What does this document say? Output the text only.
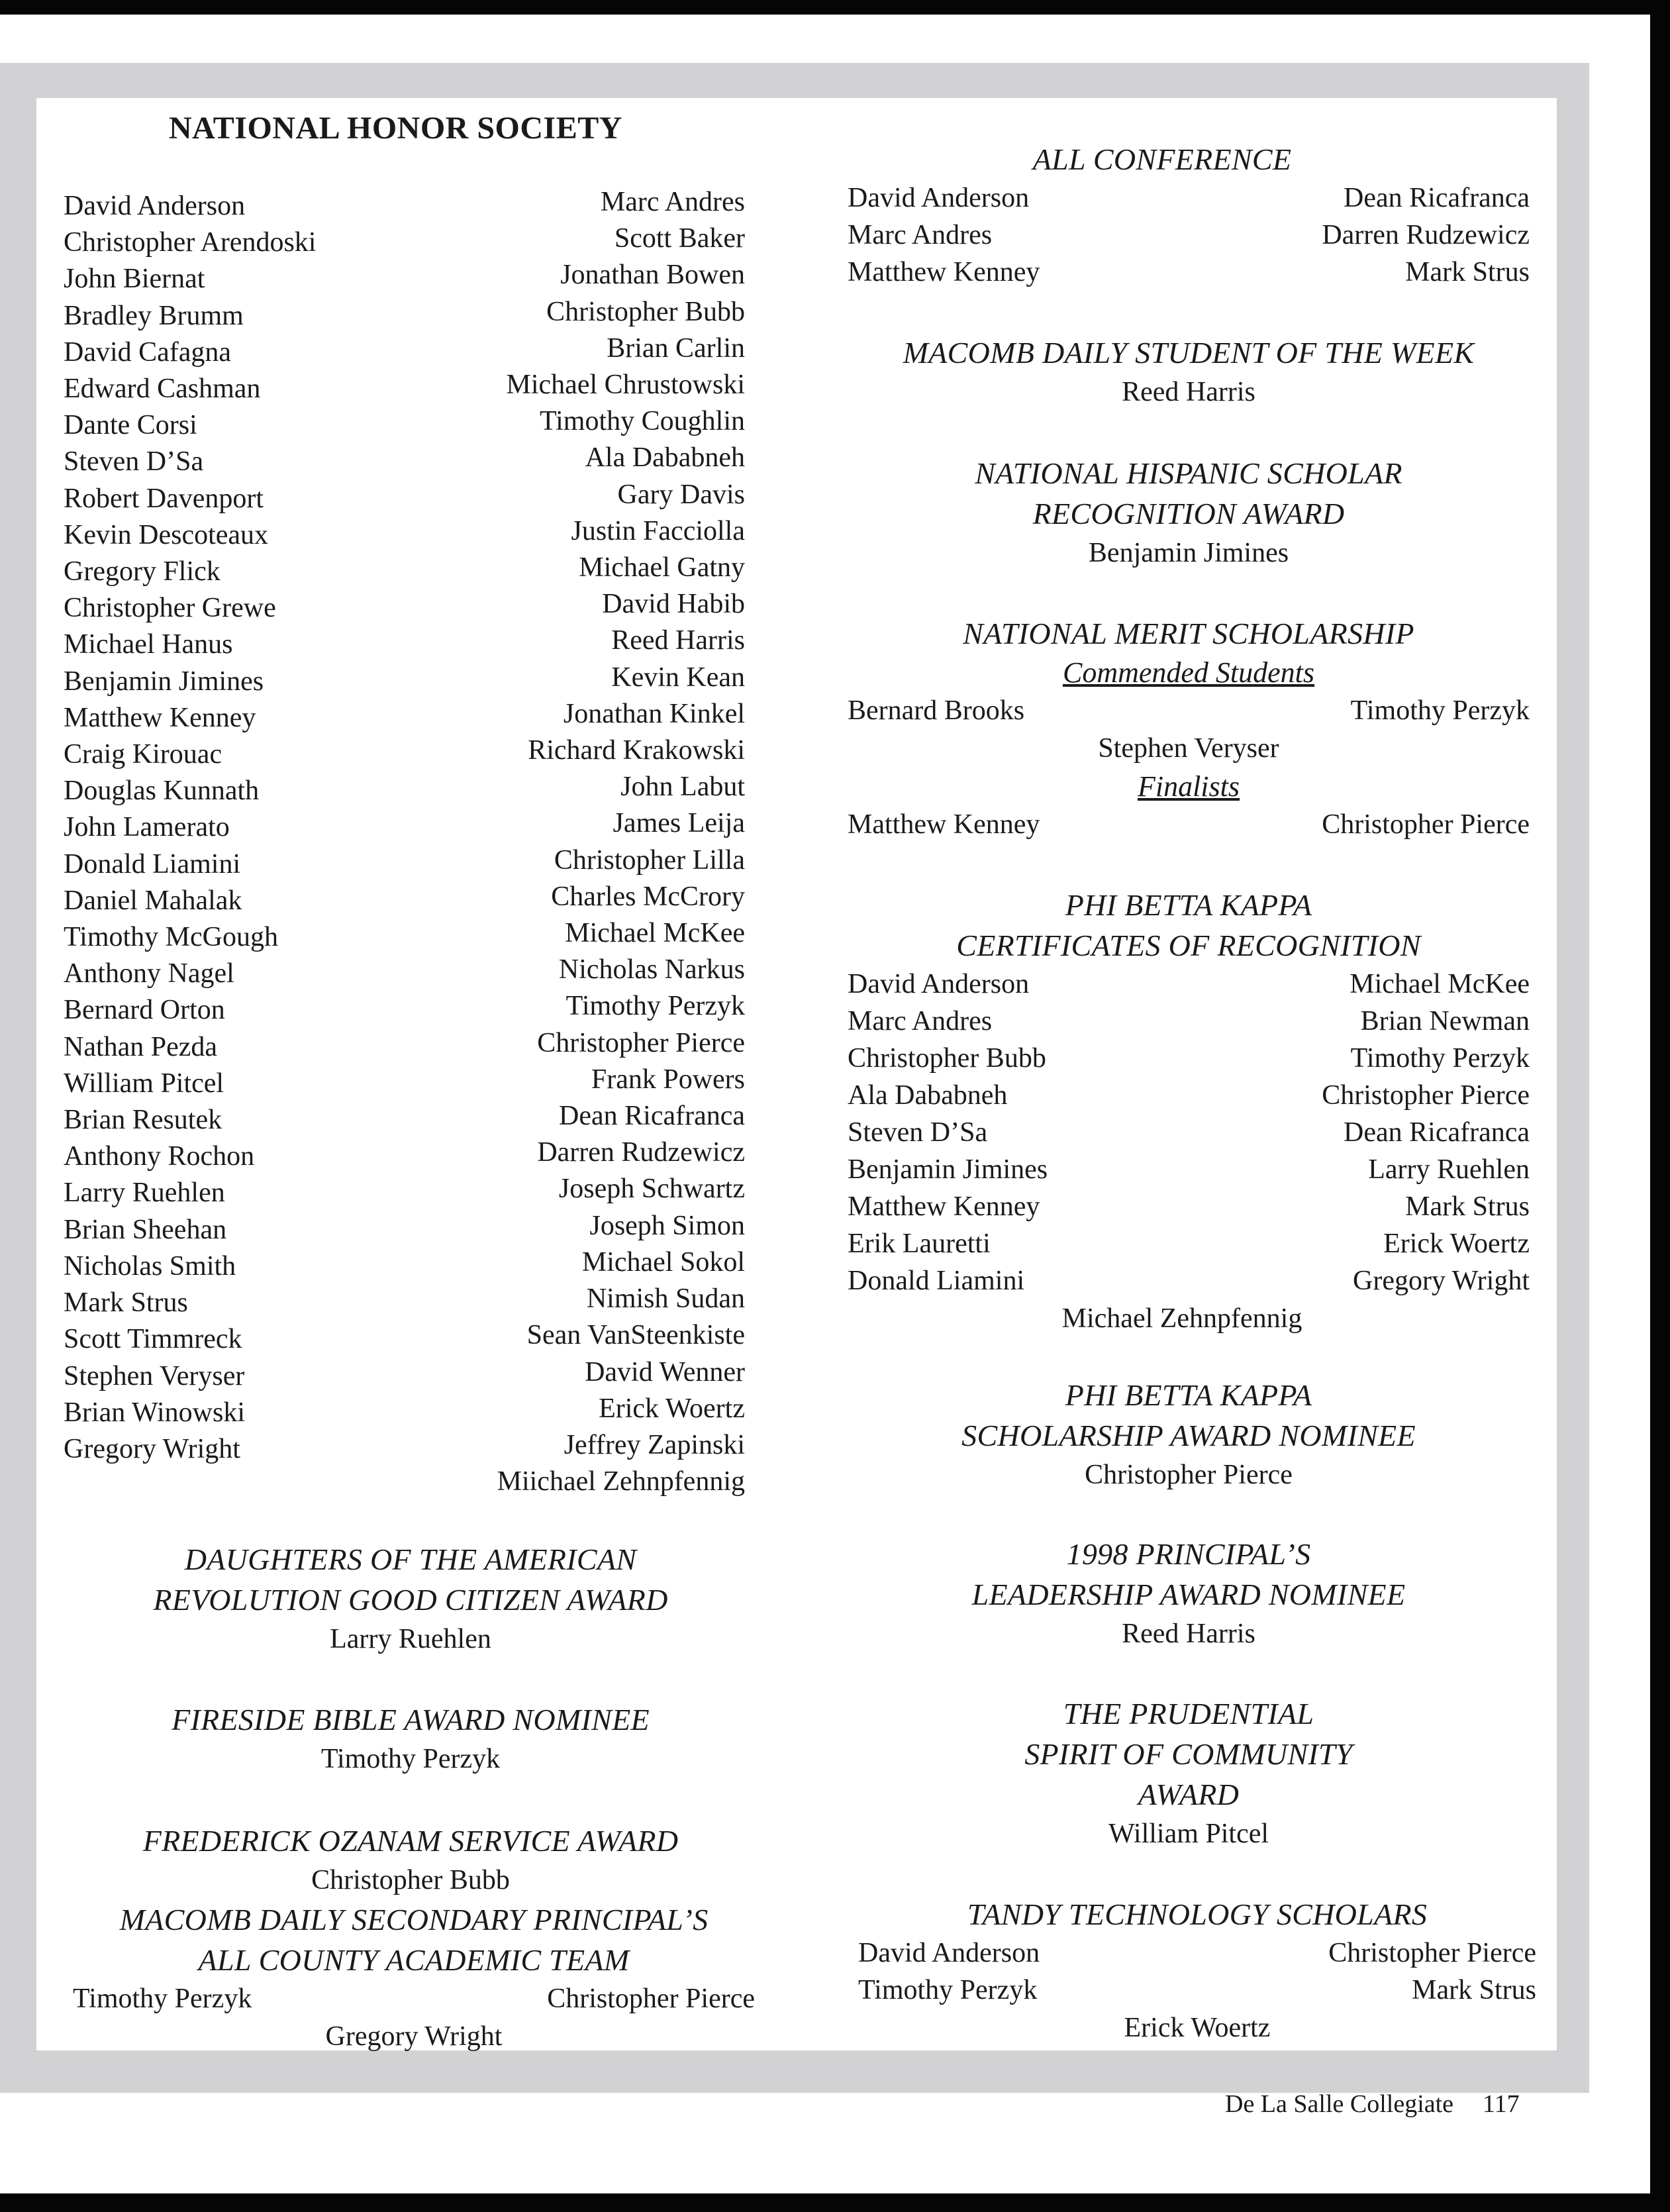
NATIONAL HONOR SOCIETY
David Anderson
Christopher Arendoski
John Biernat
Bradley Brumm
David Cafagna
Edward Cashman
Dante Corsi
Steven D’Sa
Robert Davenport
Kevin Descoteaux
Gregory Flick
Christopher Grewe
Michael Hanus
Benjamin Jimines
Matthew Kenney
Craig Kirouac
Douglas Kunnath
John Lamerato
Donald Liamini
Daniel Mahalak
Timothy McGough
Anthony Nagel
Bernard Orton
Nathan Pezda
William Pitcel
Brian Resutek
Anthony Rochon
Larry Ruehlen
Brian Sheehan
Nicholas Smith
Mark Strus
Scott Timmreck
Stephen Veryser
Brian Winowski
Gregory Wright
Marc Andres
Scott Baker
Jonathan Bowen
Christopher Bubb
Brian Carlin
Michael Chrustowski
Timothy Coughlin
Ala Dababneh
Gary Davis
Justin Facciolla
Michael Gatny
David Habib
Reed Harris
Kevin Kean
Jonathan Kinkel
Richard Krakowski
John Labut
James Leija
Christopher Lilla
Charles McCrory
Michael McKee
Nicholas Narkus
Timothy Perzyk
Christopher Pierce
Frank Powers
Dean Ricafranca
Darren Rudzewicz
Joseph Schwartz
Joseph Simon
Michael Sokol
Nimish Sudan
Sean VanSteenkiste
David Wenner
Erick Woertz
Jeffrey Zapinski
Miichael Zehnpfennig
DAUGHTERS OF THE AMERICAN
REVOLUTION GOOD CITIZEN AWARD
Larry Ruehlen
FIRESIDE BIBLE AWARD NOMINEE
Timothy Perzyk
FREDERICK OZANAM SERVICE AWARD
Christopher Bubb
MACOMB DAILY SECONDARY PRINCIPAL’S
ALL COUNTY ACADEMIC TEAM
Timothy Perzyk	Christopher Pierce
Gregory Wright
ALL CONFERENCE
David Anderson	Dean Ricafranca
Marc Andres	Darren Rudzewicz
Matthew Kenney	Mark Strus
MACOMB DAILY STUDENT OF THE WEEK
Reed Harris
NATIONAL HISPANIC SCHOLAR
RECOGNITION AWARD
Benjamin Jimines
NATIONAL MERIT SCHOLARSHIP
Commended Students
Bernard Brooks	Timothy Perzyk
Stephen Veryser
Finalists
Matthew Kenney	Christopher Pierce
PHI BETTA KAPPA
CERTIFICATES OF RECOGNITION
David Anderson	Michael McKee
Marc Andres	Brian Newman
Christopher Bubb	Timothy Perzyk
Ala Dababneh	Christopher Pierce
Steven D’Sa	Dean Ricafranca
Benjamin Jimines	Larry Ruehlen
Matthew Kenney	Mark Strus
Erik Lauretti	Erick Woertz
Donald Liamini	Gregory Wright
Michael Zehnpfennig
PHI BETTA KAPPA
SCHOLARSHIP AWARD NOMINEE
Christopher Pierce
1998 PRINCIPAL’S
LEADERSHIP AWARD NOMINEE
Reed Harris
THE PRUDENTIAL
SPIRIT OF COMMUNITY
AWARD
William Pitcel
TANDY TECHNOLOGY SCHOLARS
David Anderson	Christopher Pierce
Timothy Perzyk	Mark Strus
Erick Woertz
De La Salle Collegiate 117
